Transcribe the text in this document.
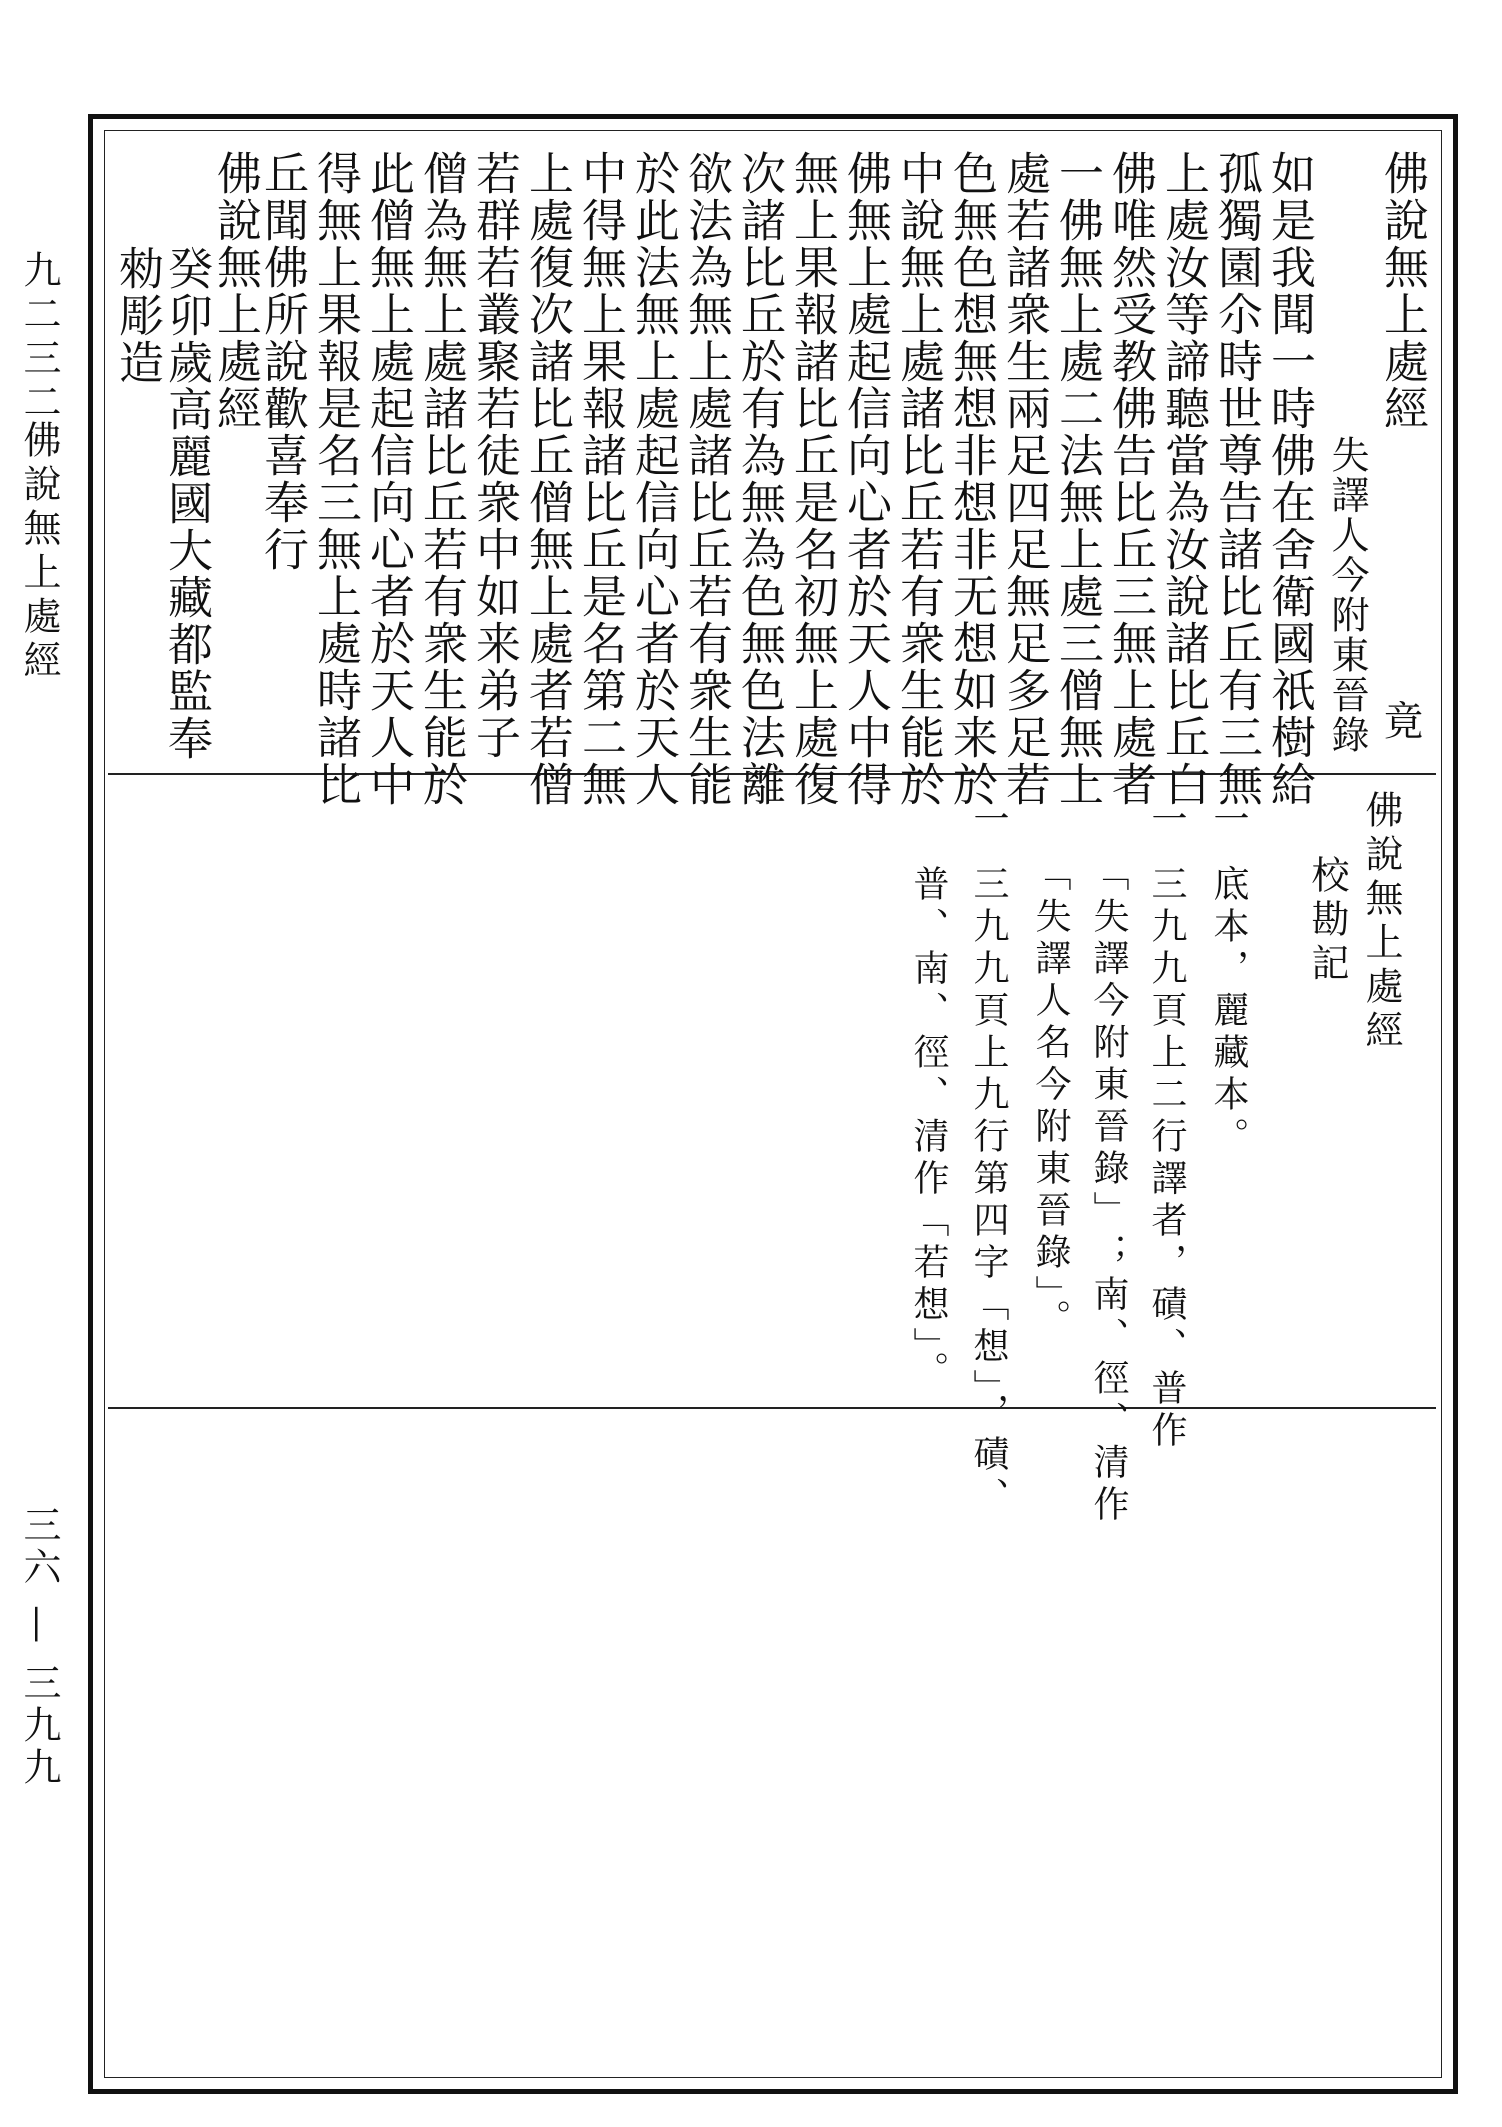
九二三二
佛說無上處經
三六 — 三九九
佛說無上處經
竟
失譯人今附東晉錄
如是我聞一時佛在舍衛國祇樹給
孤獨園尒時世尊告諸比丘有三無
上處汝等諦聽當為汝說諸比丘白
佛唯然受教佛告比丘三無上處者
一佛無上處二法無上處三僧無上
處若諸衆生兩足四足無足多足若
色無色想無想非想非无想如来於
中說無上處諸比丘若有衆生能於
佛無上處起信向心者於天人中得
無上果報諸比丘是名初無上處復
次諸比丘於有為無為色無色法離
欲法為無上處諸比丘若有衆生能
於此法無上處起信向心者於天人
中得無上果報諸比丘是名第二無
上處復次諸比丘僧無上處者若僧
若群若叢聚若徒衆中如来弟子
僧為無上處諸比丘若有衆生能於
此僧無上處起信向心者於天人中
得無上果報是名三無上處時諸比
丘聞佛所說歡喜奉行
佛說無上處經
癸卯歲高麗國大藏都監奉
勑彫造
佛說無上處經
校勘記
一
底本，麗藏本。
一
三九九頁上二行譯者，磧、普作
「失譯今附東晉錄」；南、徑、清作
「失譯人名今附東晉錄」。
一
三九九頁上九行第四字「想」，磧、
普、南、徑、清作「若想」。
